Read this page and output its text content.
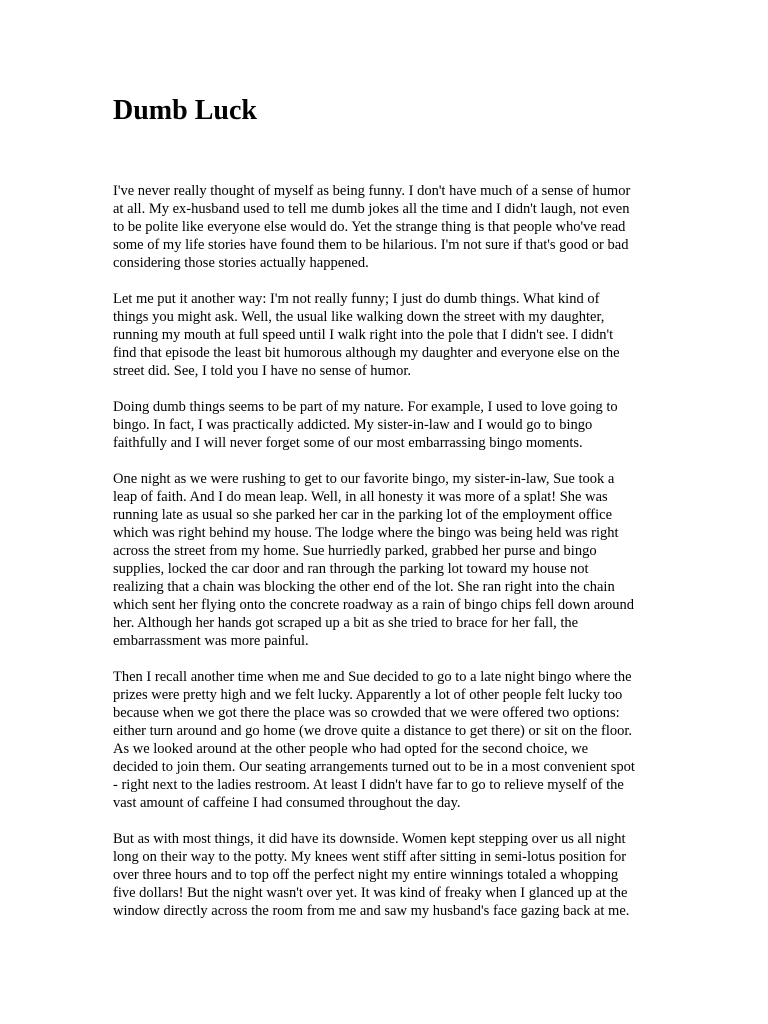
Dumb Luck

I've never really thought of myself as being funny. I don't have much of a sense of humor
at all. My ex-husband used to tell me dumb jokes all the time and I didn't laugh, not even
to be polite like everyone else would do. Yet the strange thing is that people who've read
some of my life stories have found them to be hilarious. I'm not sure if that's good or bad
considering those stories actually happened.

Let me put it another way: I'm not really funny; I just do dumb things. What kind of
things you might ask. Well, the usual like walking down the street with my daughter,
running my mouth at full speed until I walk right into the pole that I didn't see. I didn't
find that episode the least bit humorous although my daughter and everyone else on the
street did. See, I told you I have no sense of humor.

Doing dumb things seems to be part of my nature. For example, I used to love going to
bingo. In fact, I was practically addicted. My sister-in-law and I would go to bingo
faithfully and I will never forget some of our most embarrassing bingo moments.

One night as we were rushing to get to our favorite bingo, my sister-in-law, Sue took a
leap of faith. And I do mean leap. Well, in all honesty it was more of a splat! She was
running late as usual so she parked her car in the parking lot of the employment office
which was right behind my house. The lodge where the bingo was being held was right
across the street from my home. Sue hurriedly parked, grabbed her purse and bingo
supplies, locked the car door and ran through the parking lot toward my house not
realizing that a chain was blocking the other end of the lot. She ran right into the chain
which sent her flying onto the concrete roadway as a rain of bingo chips fell down around
her. Although her hands got scraped up a bit as she tried to brace for her fall, the
embarrassment was more painful.

Then I recall another time when me and Sue decided to go to a late night bingo where the
prizes were pretty high and we felt lucky. Apparently a lot of other people felt lucky too
because when we got there the place was so crowded that we were offered two options:
either turn around and go home (we drove quite a distance to get there) or sit on the floor.
As we looked around at the other people who had opted for the second choice, we
decided to join them. Our seating arrangements turned out to be in a most convenient spot
- right next to the ladies restroom. At least I didn't have far to go to relieve myself of the
vast amount of caffeine I had consumed throughout the day.

But as with most things, it did have its downside. Women kept stepping over us all night
long on their way to the potty. My knees went stiff after sitting in semi-lotus position for
over three hours and to top off the perfect night my entire winnings totaled a whopping
five dollars! But the night wasn't over yet. It was kind of freaky when I glanced up at the
window directly across the room from me and saw my husband's face gazing back at me.
